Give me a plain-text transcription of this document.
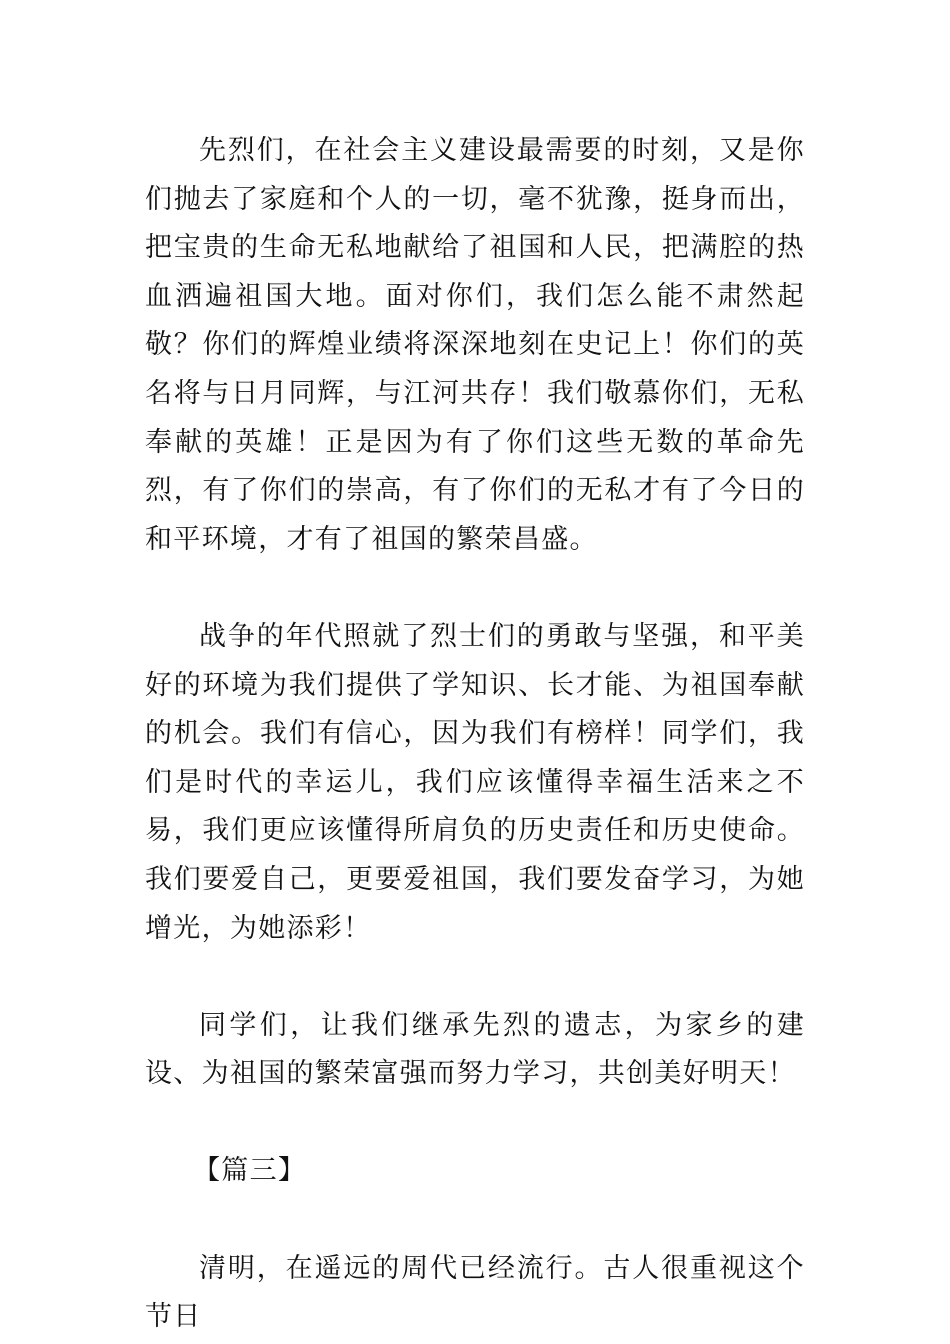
先烈们，在社会主义建设最需要的时刻，又是你们抛去了家庭和个人的一切，毫不犹豫，挺身而出，把宝贵的生命无私地献给了祖国和人民，把满腔的热血洒遍祖国大地。面对你们，我们怎么能不肃然起敬？你们的辉煌业绩将深深地刻在史记上！你们的英名将与日月同辉，与江河共存！我们敬慕你们，无私奉献的英雄！正是因为有了你们这些无数的革命先烈，有了你们的崇高，有了你们的无私才有了今日的和平环境，才有了祖国的繁荣昌盛。

战争的年代照就了烈士们的勇敢与坚强，和平美好的环境为我们提供了学知识、长才能、为祖国奉献的机会。我们有信心，因为我们有榜样！同学们，我们是时代的幸运儿，我们应该懂得幸福生活来之不易，我们更应该懂得所肩负的历史责任和历史使命。我们要爱自己，更要爱祖国，我们要发奋学习，为她增光，为她添彩！

同学们，让我们继承先烈的遗志，为家乡的建设、为祖国的繁荣富强而努力学习，共创美好明天！

【篇三】

清明，在遥远的周代已经流行。古人很重视这个节日
